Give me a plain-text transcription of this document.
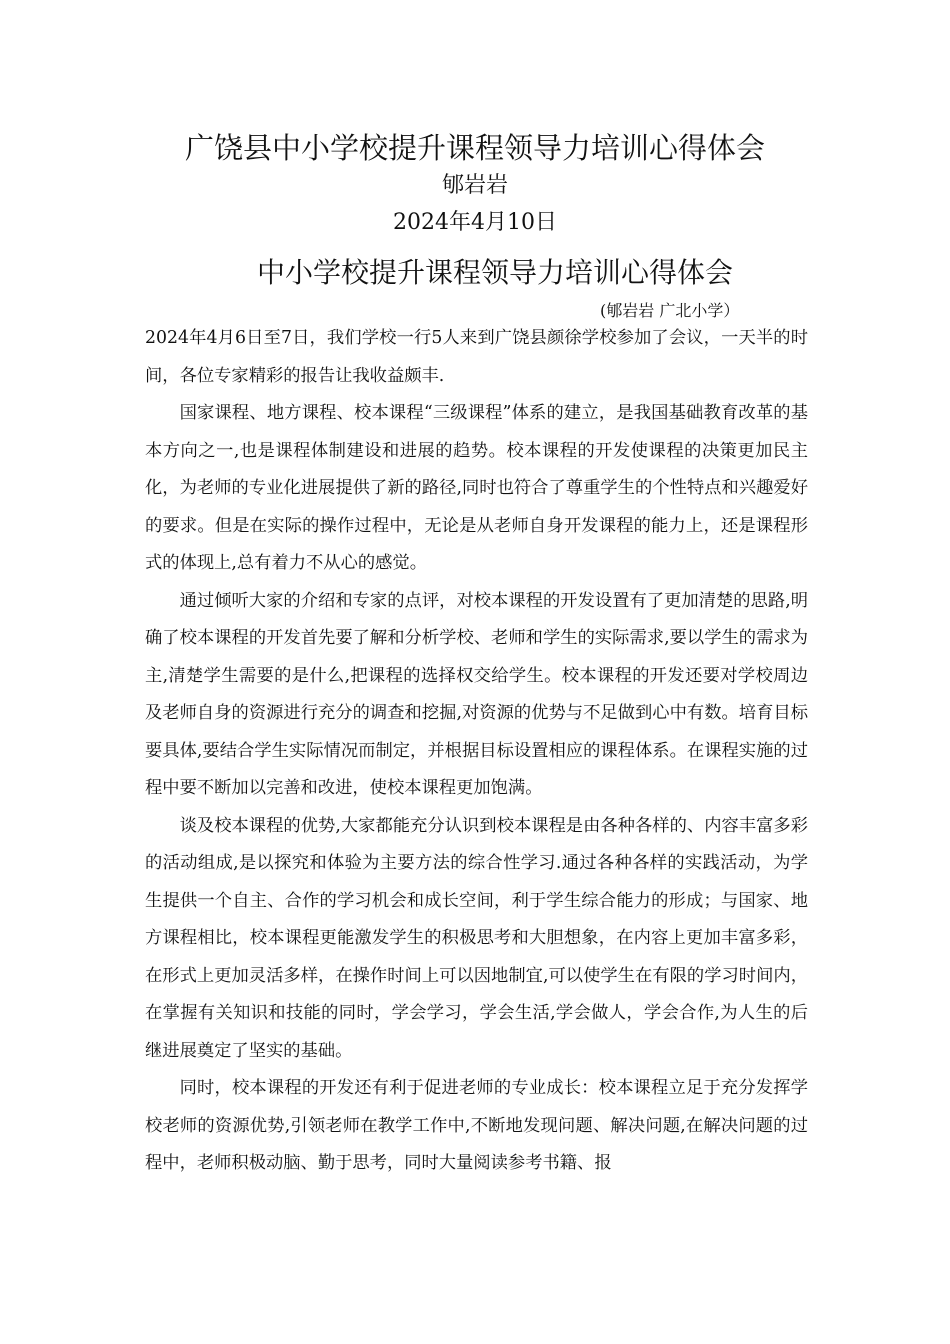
广饶县中小学校提升课程领导力培训心得体会
郇岩岩
2024年4月10日
中小学校提升课程领导力培训心得体会
(郇岩岩 广北小学）

2024年4月6日至7日，我们学校一行5人来到广饶县颜徐学校参加了会议，一天半的时间，各位专家精彩的报告让我收益颇丰.

国家课程、地方课程、校本课程“三级课程”体系的建立，是我国基础教育改革的基本方向之一,也是课程体制建设和进展的趋势。校本课程的开发使课程的决策更加民主化，为老师的专业化进展提供了新的路径,同时也符合了尊重学生的个性特点和兴趣爱好的要求。但是在实际的操作过程中，无论是从老师自身开发课程的能力上，还是课程形式的体现上,总有着力不从心的感觉。

通过倾听大家的介绍和专家的点评，对校本课程的开发设置有了更加清楚的思路,明确了校本课程的开发首先要了解和分析学校、老师和学生的实际需求,要以学生的需求为主,清楚学生需要的是什么,把课程的选择权交给学生。校本课程的开发还要对学校周边及老师自身的资源进行充分的调查和挖掘,对资源的优势与不足做到心中有数。培育目标要具体,要结合学生实际情况而制定，并根据目标设置相应的课程体系。在课程实施的过程中要不断加以完善和改进，使校本课程更加饱满。

谈及校本课程的优势,大家都能充分认识到校本课程是由各种各样的、内容丰富多彩的活动组成,是以探究和体验为主要方法的综合性学习.通过各种各样的实践活动，为学生提供一个自主、合作的学习机会和成长空间，利于学生综合能力的形成；与国家、地方课程相比，校本课程更能激发学生的积极思考和大胆想象，在内容上更加丰富多彩，在形式上更加灵活多样，在操作时间上可以因地制宜,可以使学生在有限的学习时间内，在掌握有关知识和技能的同时，学会学习，学会生活,学会做人，学会合作,为人生的后继进展奠定了坚实的基础。

同时，校本课程的开发还有利于促进老师的专业成长：校本课程立足于充分发挥学校老师的资源优势,引领老师在教学工作中,不断地发现问题、解决问题,在解决问题的过程中，老师积极动脑、勤于思考，同时大量阅读参考书籍、报
